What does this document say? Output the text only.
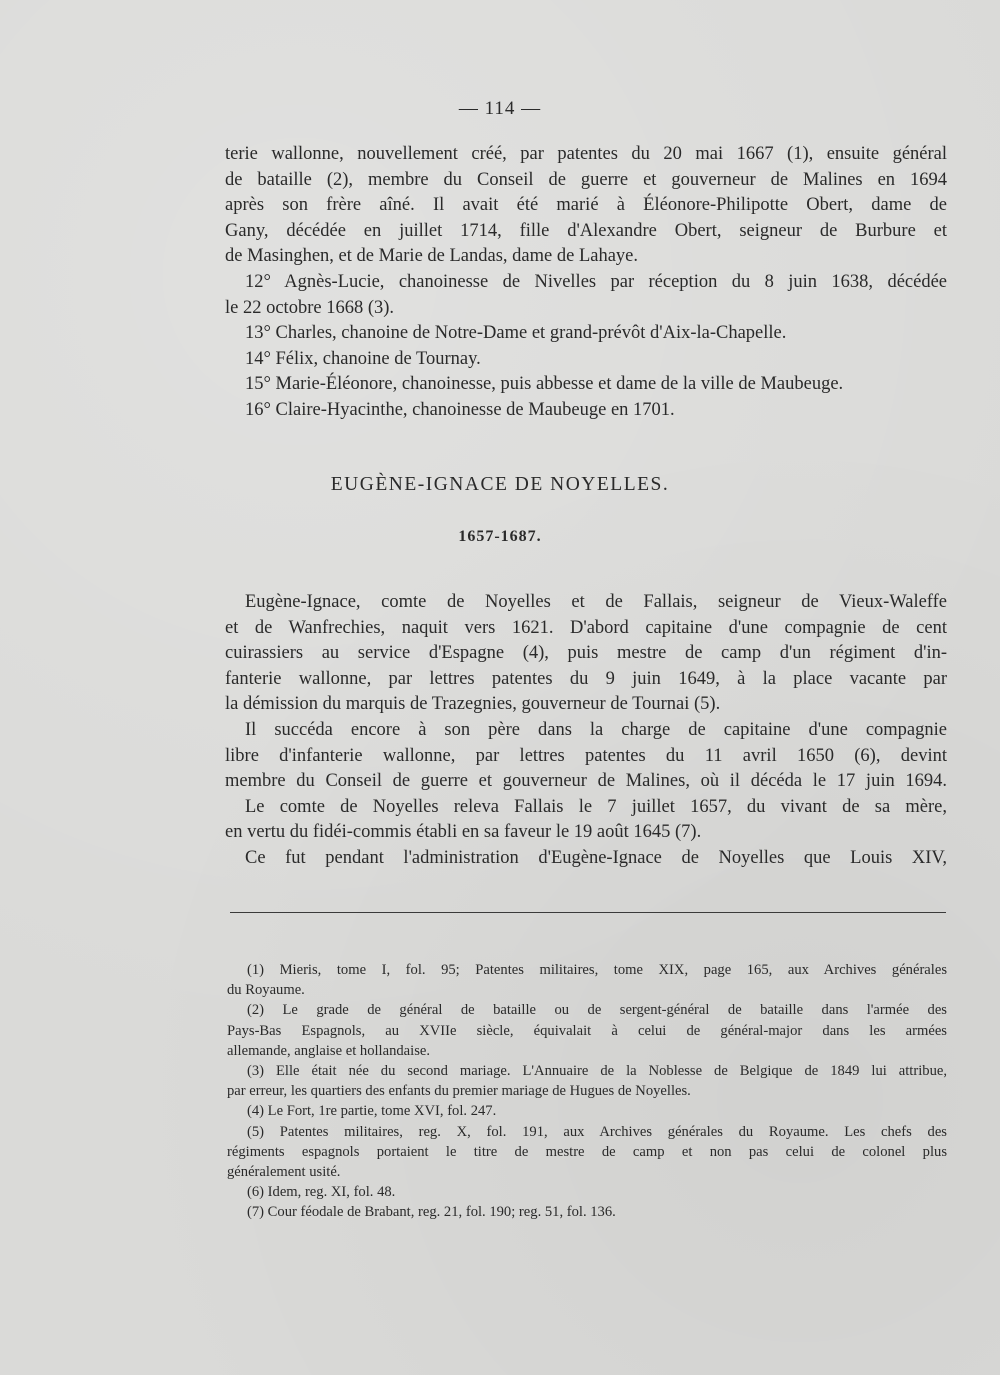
— 114 —
terie wallonne, nouvellement créé, par patentes du 20 mai 1667 (1), ensuite général
de bataille (2), membre du Conseil de guerre et gouverneur de Malines en 1694
après son frère aîné. Il avait été marié à Éléonore-Philipotte Obert, dame de
Gany, décédée en juillet 1714, fille d'Alexandre Obert, seigneur de Burbure et
de Masinghen, et de Marie de Landas, dame de Lahaye.
12° Agnès-Lucie, chanoinesse de Nivelles par réception du 8 juin 1638, décédée
le 22 octobre 1668 (3).
13° Charles, chanoine de Notre-Dame et grand-prévôt d'Aix-la-Chapelle.
14° Félix, chanoine de Tournay.
15° Marie-Éléonore, chanoinesse, puis abbesse et dame de la ville de Maubeuge.
16° Claire-Hyacinthe, chanoinesse de Maubeuge en 1701.
EUGÈNE-IGNACE DE NOYELLES.
1657-1687.
Eugène-Ignace, comte de Noyelles et de Fallais, seigneur de Vieux-Waleffe
et de Wanfrechies, naquit vers 1621. D'abord capitaine d'une compagnie de cent
cuirassiers au service d'Espagne (4), puis mestre de camp d'un régiment d'in-
fanterie wallonne, par lettres patentes du 9 juin 1649, à la place vacante par
la démission du marquis de Trazegnies, gouverneur de Tournai (5).
Il succéda encore à son père dans la charge de capitaine d'une compagnie
libre d'infanterie wallonne, par lettres patentes du 11 avril 1650 (6), devint
membre du Conseil de guerre et gouverneur de Malines, où il décéda le 17 juin 1694.
Le comte de Noyelles releva Fallais le 7 juillet 1657, du vivant de sa mère,
en vertu du fidéi-commis établi en sa faveur le 19 août 1645 (7).
Ce fut pendant l'administration d'Eugène-Ignace de Noyelles que Louis XIV,
(1) Mieris, tome I, fol. 95; Patentes militaires, tome XIX, page 165, aux Archives générales
du Royaume.
(2) Le grade de général de bataille ou de sergent-général de bataille dans l'armée des
Pays-Bas Espagnols, au XVIIe siècle, équivalait à celui de général-major dans les armées
allemande, anglaise et hollandaise.
(3) Elle était née du second mariage. L'Annuaire de la Noblesse de Belgique de 1849 lui attribue,
par erreur, les quartiers des enfants du premier mariage de Hugues de Noyelles.
(4) Le Fort, 1re partie, tome XVI, fol. 247.
(5) Patentes militaires, reg. X, fol. 191, aux Archives générales du Royaume. Les chefs des
régiments espagnols portaient le titre de mestre de camp et non pas celui de colonel plus
généralement usité.
(6) Idem, reg. XI, fol. 48.
(7) Cour féodale de Brabant, reg. 21, fol. 190; reg. 51, fol. 136.
